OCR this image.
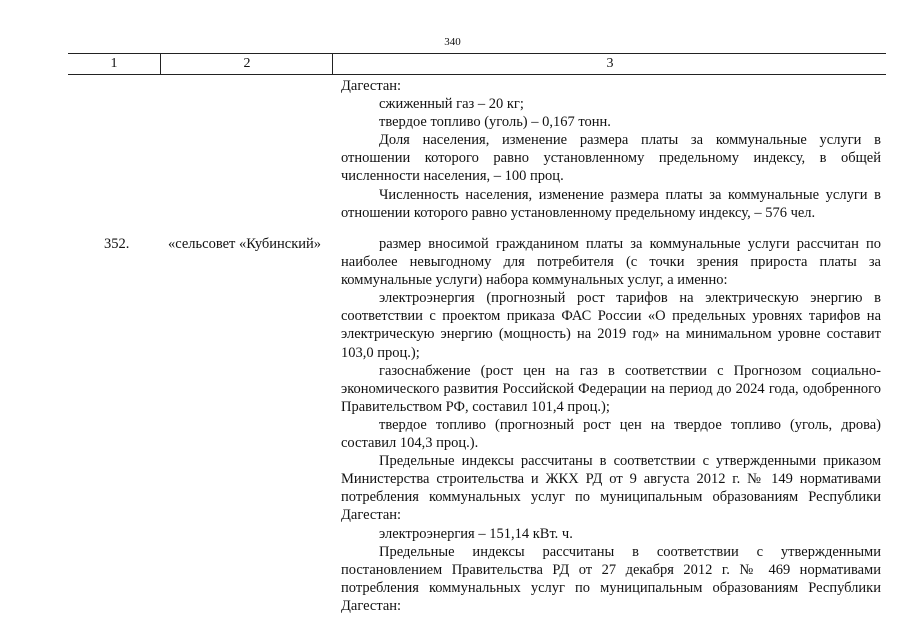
340
1	2	3

Дагестан:

сжиженный газ – 20 кг;

твердое топливо (уголь) – 0,167 тонн.

Доля населения, изменение размера платы за коммунальные услуги в отношении которого равно установленному предельному индексу, в общей численности населения, – 100 проц.

Численность населения, изменение размера платы за коммунальные услуги в отношении которого равно установленному предельному индексу, – 576 чел.

352.	«сельсовет «Кубинский»	размер вносимой гражданином платы за коммунальные услуги рассчитан по наиболее невыгодному для потребителя (с точки зрения прироста платы за коммунальные услуги) набора коммунальных услуг, а именно:

электроэнергия (прогнозный рост тарифов на электрическую энергию в соответствии с проектом приказа ФАС России «О предельных уровнях тарифов на электрическую энергию (мощность) на 2019 год» на минимальном уровне составит 103,0 проц.);

газоснабжение (рост цен на газ в соответствии с Прогнозом социально-экономического развития Российской Федерации на период до 2024 года, одобренного Правительством РФ, составил 101,4 проц.);

твердое топливо (прогнозный рост цен на твердое топливо (уголь, дрова) составил 104,3 проц.).

Предельные индексы рассчитаны в соответствии с утвержденными приказом Министерства строительства и ЖКХ РД от 9 августа 2012 г. № 149 нормативами потребления коммунальных услуг по муниципальным образованиям Республики Дагестан:

электроэнергия – 151,14 кВт. ч.

Предельные индексы рассчитаны в соответствии с утвержденными постановлением Правительства РД от 27 декабря 2012 г. № 469 нормативами потребления коммунальных услуг по муниципальным образованиям Республики Дагестан:
